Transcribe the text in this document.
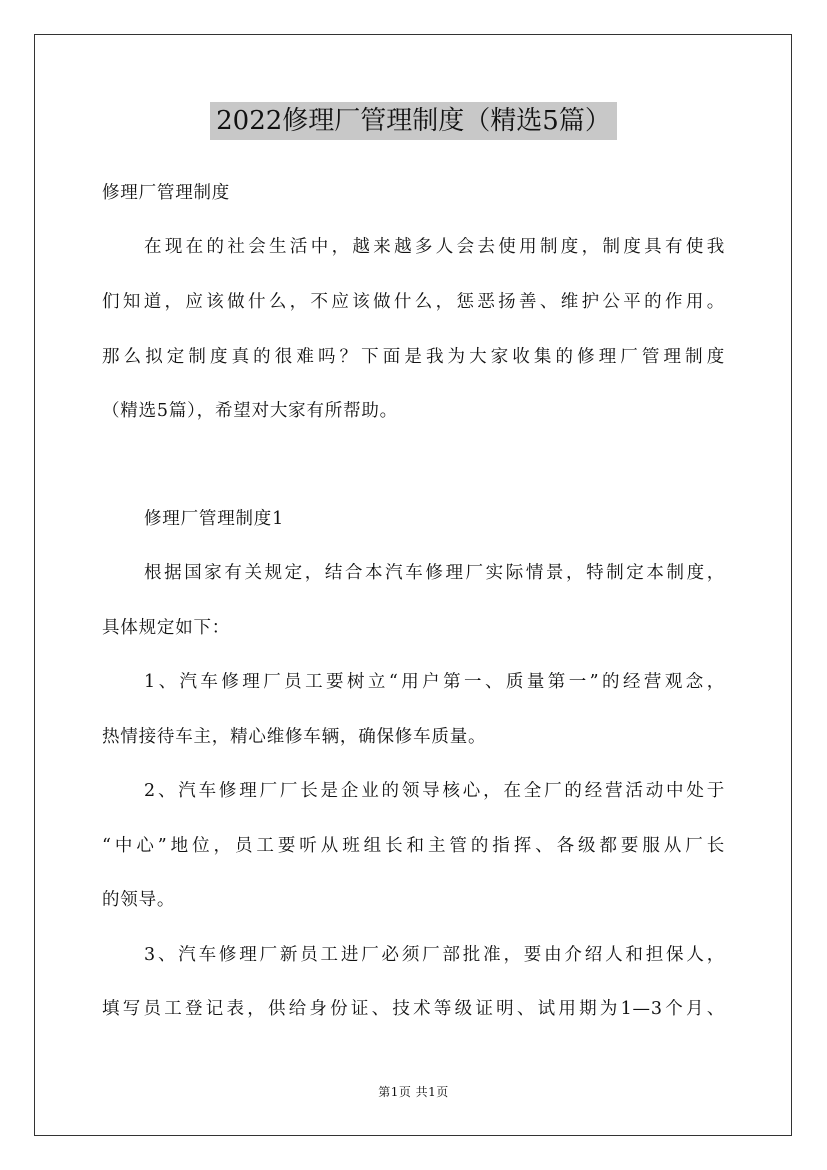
2022修理厂管理制度（精选5篇）
修理厂管理制度
在现在的社会生活中，越来越多人会去使用制度，制度具有使我
们知道，应该做什么，不应该做什么，惩恶扬善、维护公平的作用。
那么拟定制度真的很难吗？下面是我为大家收集的修理厂管理制度
（精选5篇），希望对大家有所帮助。
修理厂管理制度1
根据国家有关规定，结合本汽车修理厂实际情景，特制定本制度，
具体规定如下：
1、汽车修理厂员工要树立“用户第一、质量第一”的经营观念，
热情接待车主，精心维修车辆，确保修车质量。
2、汽车修理厂厂长是企业的领导核心，在全厂的经营活动中处于
“中心”地位，员工要听从班组长和主管的指挥、各级都要服从厂长
的领导。
3、汽车修理厂新员工进厂必须厂部批准，要由介绍人和担保人，
填写员工登记表，供给身份证、技术等级证明、试用期为1—3个月、
第1页 共1页
